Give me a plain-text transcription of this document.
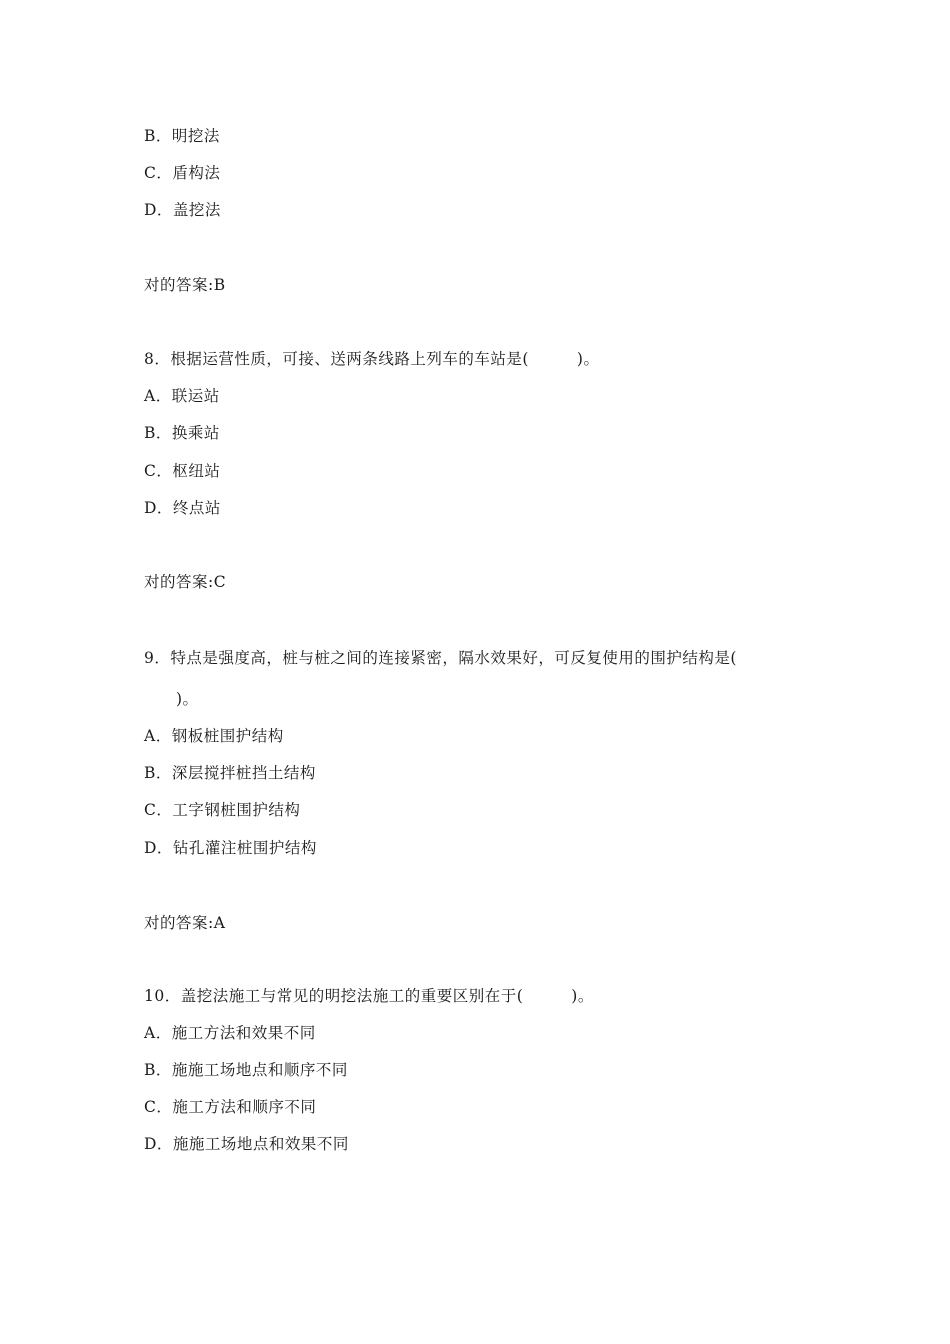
B．明挖法
C．盾构法
D．盖挖法
对的答案:B
8．根据运营性质，可接、送两条线路上列车的车站是(　　　)。
A．联运站
B．换乘站
C．枢纽站
D．终点站
对的答案:C
9．特点是强度高，桩与桩之间的连接紧密，隔水效果好，可反复使用的围护结构是(
　　)。
A．钢板桩围护结构
B．深层搅拌桩挡土结构
C．工字钢桩围护结构
D．钻孔灌注桩围护结构
对的答案:A
10．盖挖法施工与常见的明挖法施工的重要区别在于(　　　)。
A．施工方法和效果不同
B．施施工场地点和顺序不同
C．施工方法和顺序不同
D．施施工场地点和效果不同
